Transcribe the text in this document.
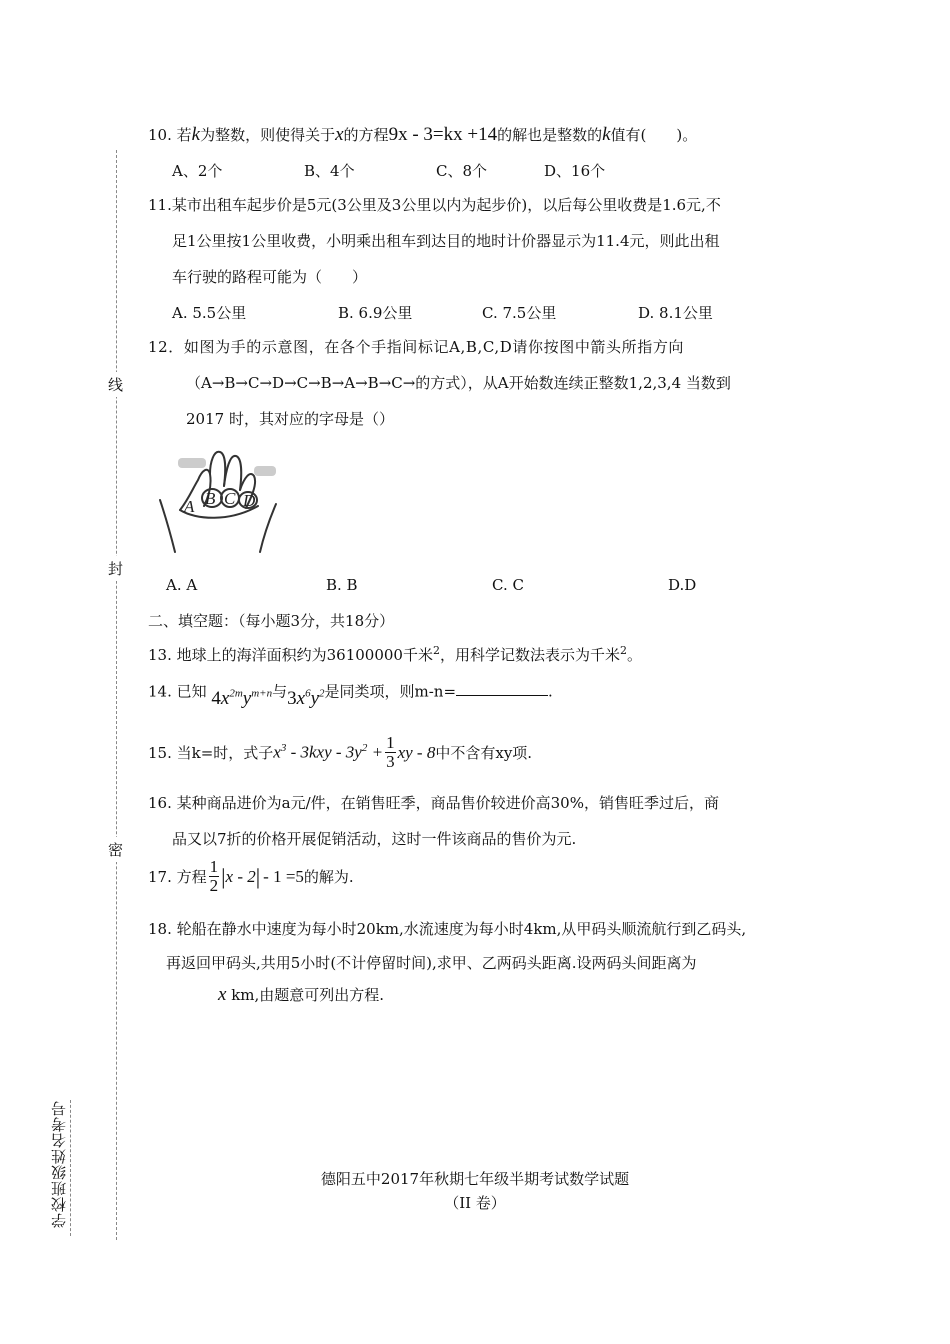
线
封
密
学校班级姓名考号
10. 若k为整数，则使得关于x的方程9x - 3=kx +14的解也是整数的k值有(　　)。
A、2个	B、4个	C、8个	D、16个
11.某市出租车起步价是5元(3公里及3公里以内为起步价)，以后每公里收费是1.6元,不
足1公里按1公里收费，小明乘出租车到达目的地时计价器显示为11.4元，则此出租
车行驶的路程可能为（　　）
A. 5.5公里	B. 6.9公里	C. 7.5公里	D. 8.1公里
12．如图为手的示意图，在各个手指间标记A,B,C,D请你按图中箭头所指方向
（A→B→C→D→C→B→A→B→C→的方式），从A开始数连续正整数1,2,3,4 当数到
2017 时，其对应的字母是（）
A B C D
A. A	B. B	C. C	D.D
二、填空题：（每小题3分，共18分）
13. 地球上的海洋面积约为36100000千米$^2$，用科学记数法表示为千米$^2$。
14. 已知 $4x^{2m}y^{m+n}$与$3x^6y^2$是同类项，则m-n=	.
15. 当k=时，式子 $x^3 - 3kxy - 3y^2 + \frac{1}{3}$ xy - 8 中不含有xy项.
16. 某种商品进价为a元/件，在销售旺季，商品售价较进价高30%，销售旺季过后，商
品又以7折的价格开展促销活动，这时一件该商品的售价为元.
17. 方程 $\frac{1}{2}$ | x - 2 | - 1 =5 的解为.
18. 轮船在静水中速度为每小时20km,水流速度为每小时4km,从甲码头顺流航行到乙码头,
再返回甲码头,共用5小时(不计停留时间),求甲、乙两码头距离.设两码头间距离为
x km,由题意可列出方程.
德阳五中2017年秋期七年级半期考试数学试题
（II 卷）
